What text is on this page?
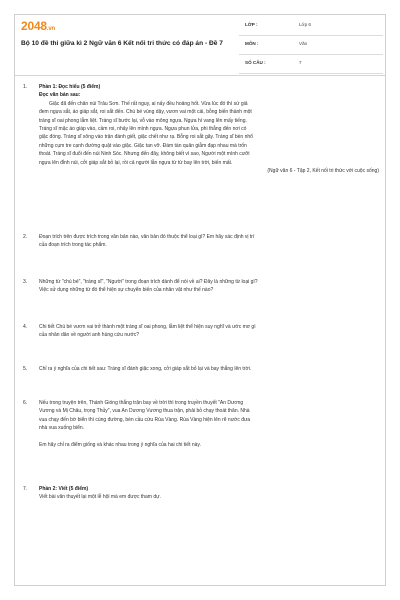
2048.vn
Bộ 10 đề thi giữa kì 2 Ngữ văn 6 Kết nối tri thức có đáp án - Đề 7
LỚP :	Lớp 6
MÔN :	Văn
SỐ CÂU :	7
1. Phần 1: Đọc hiểu (5 điểm)
Đọc văn bản sau:
Giặc đã đến chân núi Trâu Sơn. Thế rất nguy, ai nấy đều hoảng hốt. Vừa lúc đó thì sứ giả
đem ngựa sắt, áo giáp sắt, roi sắt đến. Chú bé vùng dậy, vươn vai một cái, bỗng biến thành một
tráng sĩ oai phong lẫm liệt. Tráng sĩ bước lại, vỗ vào mông ngựa. Ngựa hí vang lên mấy tiếng.
Tráng sĩ mặc áo giáp vào, cầm roi, nhảy lên mình ngựa. Ngựa phun lửa, phi thẳng đến nơi có
giặc đóng. Tráng sĩ xông vào trận đánh giết, giặc chết như rạ. Bỗng roi sắt gãy. Tráng sĩ bèn nhổ
những cụm tre cạnh đường quật vào giặc. Giặc tan vỡ. Đám tàn quân giẫm đạp nhau mà trốn
thoát. Tráng sĩ đuổi đến núi Ninh Sóc. Nhưng đến đây, không biết vì sao, Người một mình cưỡi
ngựa lên đỉnh núi, cởi giáp sắt bỏ lại, rồi cả người lẫn ngựa từ từ bay lên trời, biến mất.
(Ngữ văn 6 - Tập 2, Kết nối tri thức với cuộc sống)
2. Đoạn trích trên được trích trong văn bản nào, văn bản đó thuộc thể loại gì? Em hãy xác định vị trí
của đoạn trích trong tác phẩm.
3. Những từ "chú bé", "tráng sĩ", "Người" trong đoạn trích dành để nói về ai? Đây là những từ loại gì?
Việc sử dụng những từ đó thể hiện sự chuyển biến của nhân vật như thế nào?
4. Chi tiết Chú bé vươn vai trở thành một tráng sĩ oai phong, lẫm liệt thể hiện suy nghĩ và ước mơ gì
của nhân dân về người anh hùng cứu nước?
5. Chỉ ra ý nghĩa của chi tiết sau: Tráng sĩ đánh giặc xong, cởi giáp sắt bỏ lại và bay thẳng lên trời.
6. Nếu trong truyện trên, Thánh Gióng thắng trận bay về trời thì trong truyền thuyết "An Dương
Vương và Mị Châu, trọng Thủy", vua An Dương Vương thua trận, phải bỏ chạy thoát thân. Nhà
vua chạy đến bờ biển thì cùng đường, bèn cầu cứu Rùa Vàng. Rùa Vàng hiện lên rẽ nước đưa
nhà vua xuống biển.
Em hãy chỉ ra điểm giống và khác nhau trong ý nghĩa của hai chi tiết này.
7. Phần 2: Viết (5 điểm)
Viết bài văn thuyết lại một lễ hội mà em được tham dự.
